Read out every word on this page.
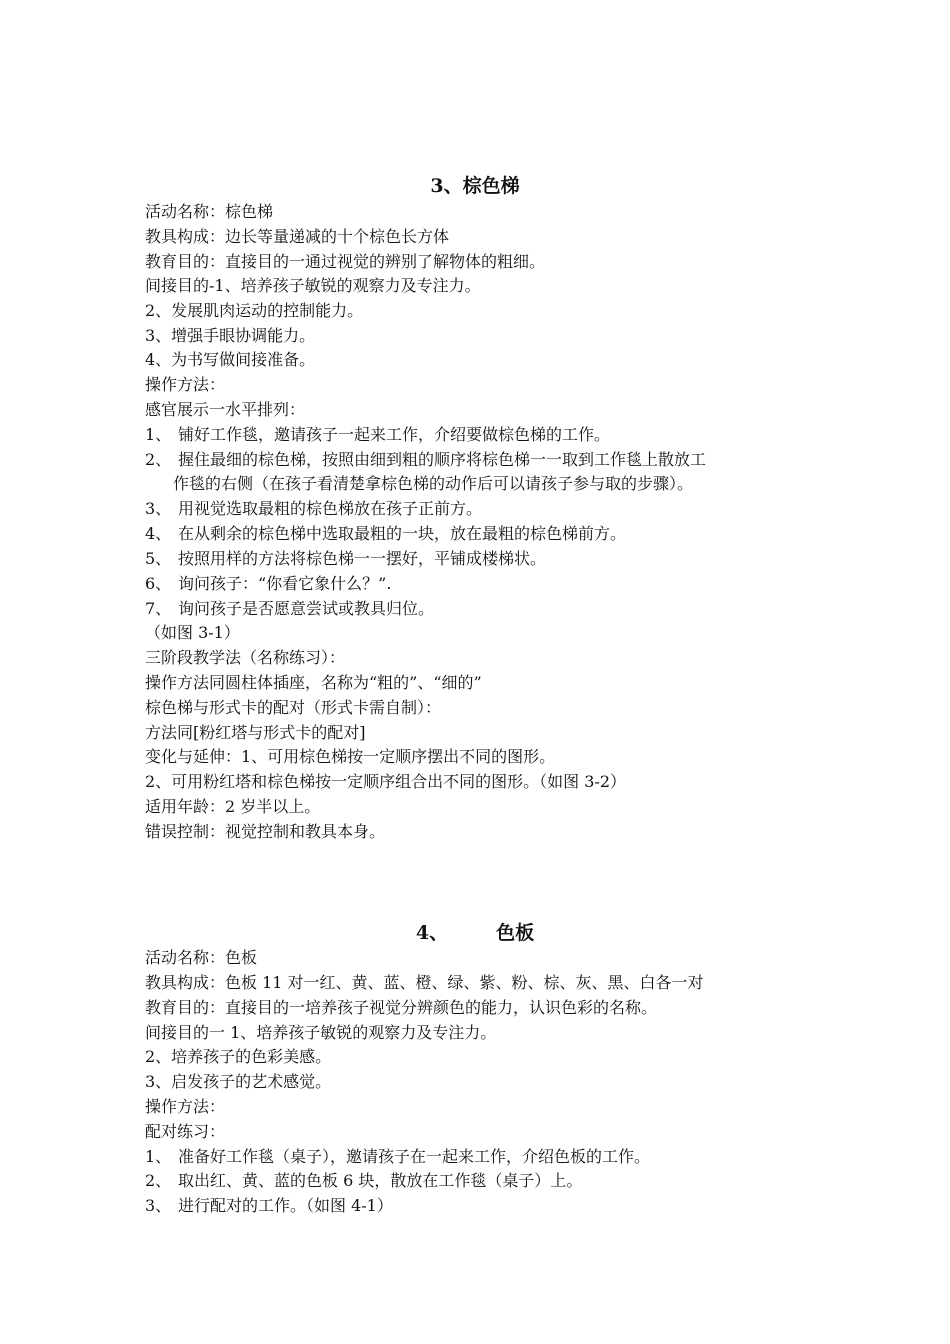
3、棕色梯
活动名称：棕色梯
教具构成：边长等量递减的十个棕色长方体
教育目的：直接目的一通过视觉的辨别了解物体的粗细。
间接目的-1、培养孩子敏锐的观察力及专注力。
2、发展肌肉运动的控制能力。
3、增强手眼协调能力。
4、为书写做间接准备。
操作方法：
感官展示一水平排列：
1、 铺好工作毯，邀请孩子一起来工作，介绍要做棕色梯的工作。
2、 握住最细的棕色梯，按照由细到粗的顺序将棕色梯一一取到工作毯上散放工
作毯的右侧（在孩子看清楚拿棕色梯的动作后可以请孩子参与取的步骤）。
3、 用视觉选取最粗的棕色梯放在孩子正前方。
4、 在从剩余的棕色梯中选取最粗的一块，放在最粗的棕色梯前方。
5、 按照用样的方法将棕色梯一一摆好，平铺成楼梯状。
6、 询问孩子：“你看它象什么？”.
7、 询问孩子是否愿意尝试或教具归位。
（如图 3-1）
三阶段教学法（名称练习）：
操作方法同圆柱体插座，名称为“粗的”、“细的”
棕色梯与形式卡的配对（形式卡需自制）：
方法同[粉红塔与形式卡的配对]
变化与延伸：1、可用棕色梯按一定顺序摆出不同的图形。
2、可用粉红塔和棕色梯按一定顺序组合出不同的图形。（如图 3-2）
适用年龄：2 岁半以上。
错误控制：视觉控制和教具本身。
4、	色板
活动名称：色板
教具构成：色板 11 对一红、黄、蓝、橙、绿、紫、粉、棕、灰、黑、白各一对
教育目的：直接目的一培养孩子视觉分辨颜色的能力，认识色彩的名称。
间接目的一 1、培养孩子敏锐的观察力及专注力。
2、培养孩子的色彩美感。
3、启发孩子的艺术感觉。
操作方法：
配对练习：
1、 准备好工作毯（桌子），邀请孩子在一起来工作，介绍色板的工作。
2、 取出红、黄、蓝的色板 6 块，散放在工作毯（桌子）上。
3、 进行配对的工作。（如图 4-1）
